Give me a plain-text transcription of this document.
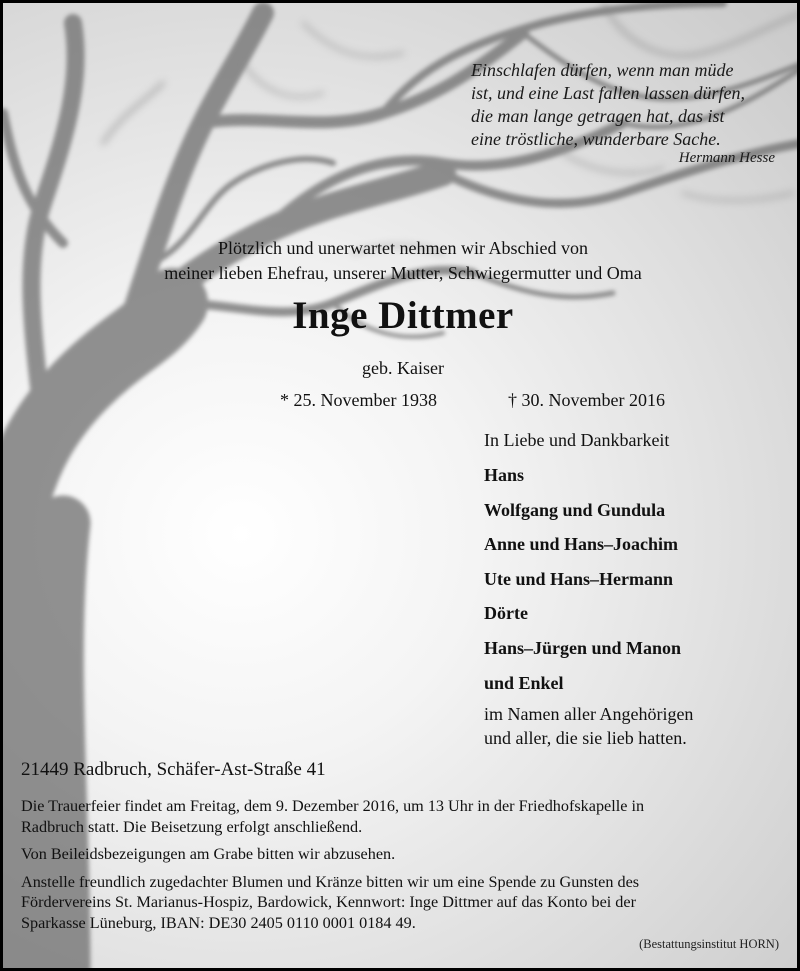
Einschlafen dürfen, wenn man müde
ist, und eine Last fallen lassen dürfen,
die man lange getragen hat, das ist
eine tröstliche, wunderbare Sache.
Hermann Hesse
Plötzlich und unerwartet nehmen wir Abschied von
meiner lieben Ehefrau, unserer Mutter, Schwiegermutter und Oma
Inge Dittmer
geb. Kaiser
* 25. November 1938	† 30. November 2016
In Liebe und Dankbarkeit
Hans
Wolfgang und Gundula
Anne und Hans–Joachim
Ute und Hans–Hermann
Dörte
Hans–Jürgen und Manon
und Enkel
im Namen aller Angehörigen
und aller, die sie lieb hatten.
21449 Radbruch, Schäfer-Ast-Straße 41

Die Trauerfeier findet am Freitag, dem 9. Dezember 2016, um 13 Uhr in der Friedhofskapelle in
Radbruch statt. Die Beisetzung erfolgt anschließend.

Von Beileidsbezeigungen am Grabe bitten wir abzusehen.

Anstelle freundlich zugedachter Blumen und Kränze bitten wir um eine Spende zu Gunsten des
Fördervereins St. Marianus-Hospiz, Bardowick, Kennwort: Inge Dittmer auf das Konto bei der
Sparkasse Lüneburg, IBAN: DE30 2405 0110 0001 0184 49.

(Bestattungsinstitut HORN)
